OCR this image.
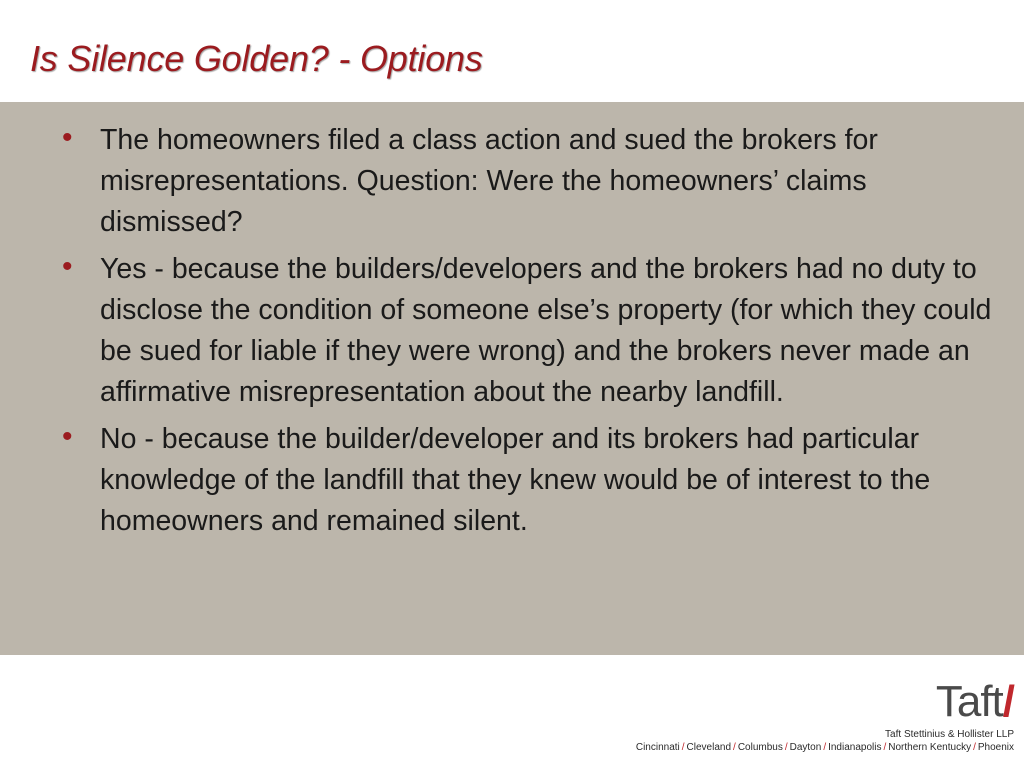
Is Silence Golden? - Options
• The homeowners filed a class action and sued the brokers for misrepresentations. Question: Were the homeowners’ claims dismissed?
• Yes - because the builders/developers and the brokers had no duty to disclose the condition of someone else’s property (for which they could be sued for liable if they were wrong) and the brokers never made an affirmative misrepresentation about the nearby landfill.
• No - because the builder/developer and its brokers had particular knowledge of the landfill that they knew would be of interest to the homeowners and remained silent.
Taft/
Taft Stettinius & Hollister LLP
Cincinnati / Cleveland / Columbus / Dayton / Indianapolis / Northern Kentucky / Phoenix
